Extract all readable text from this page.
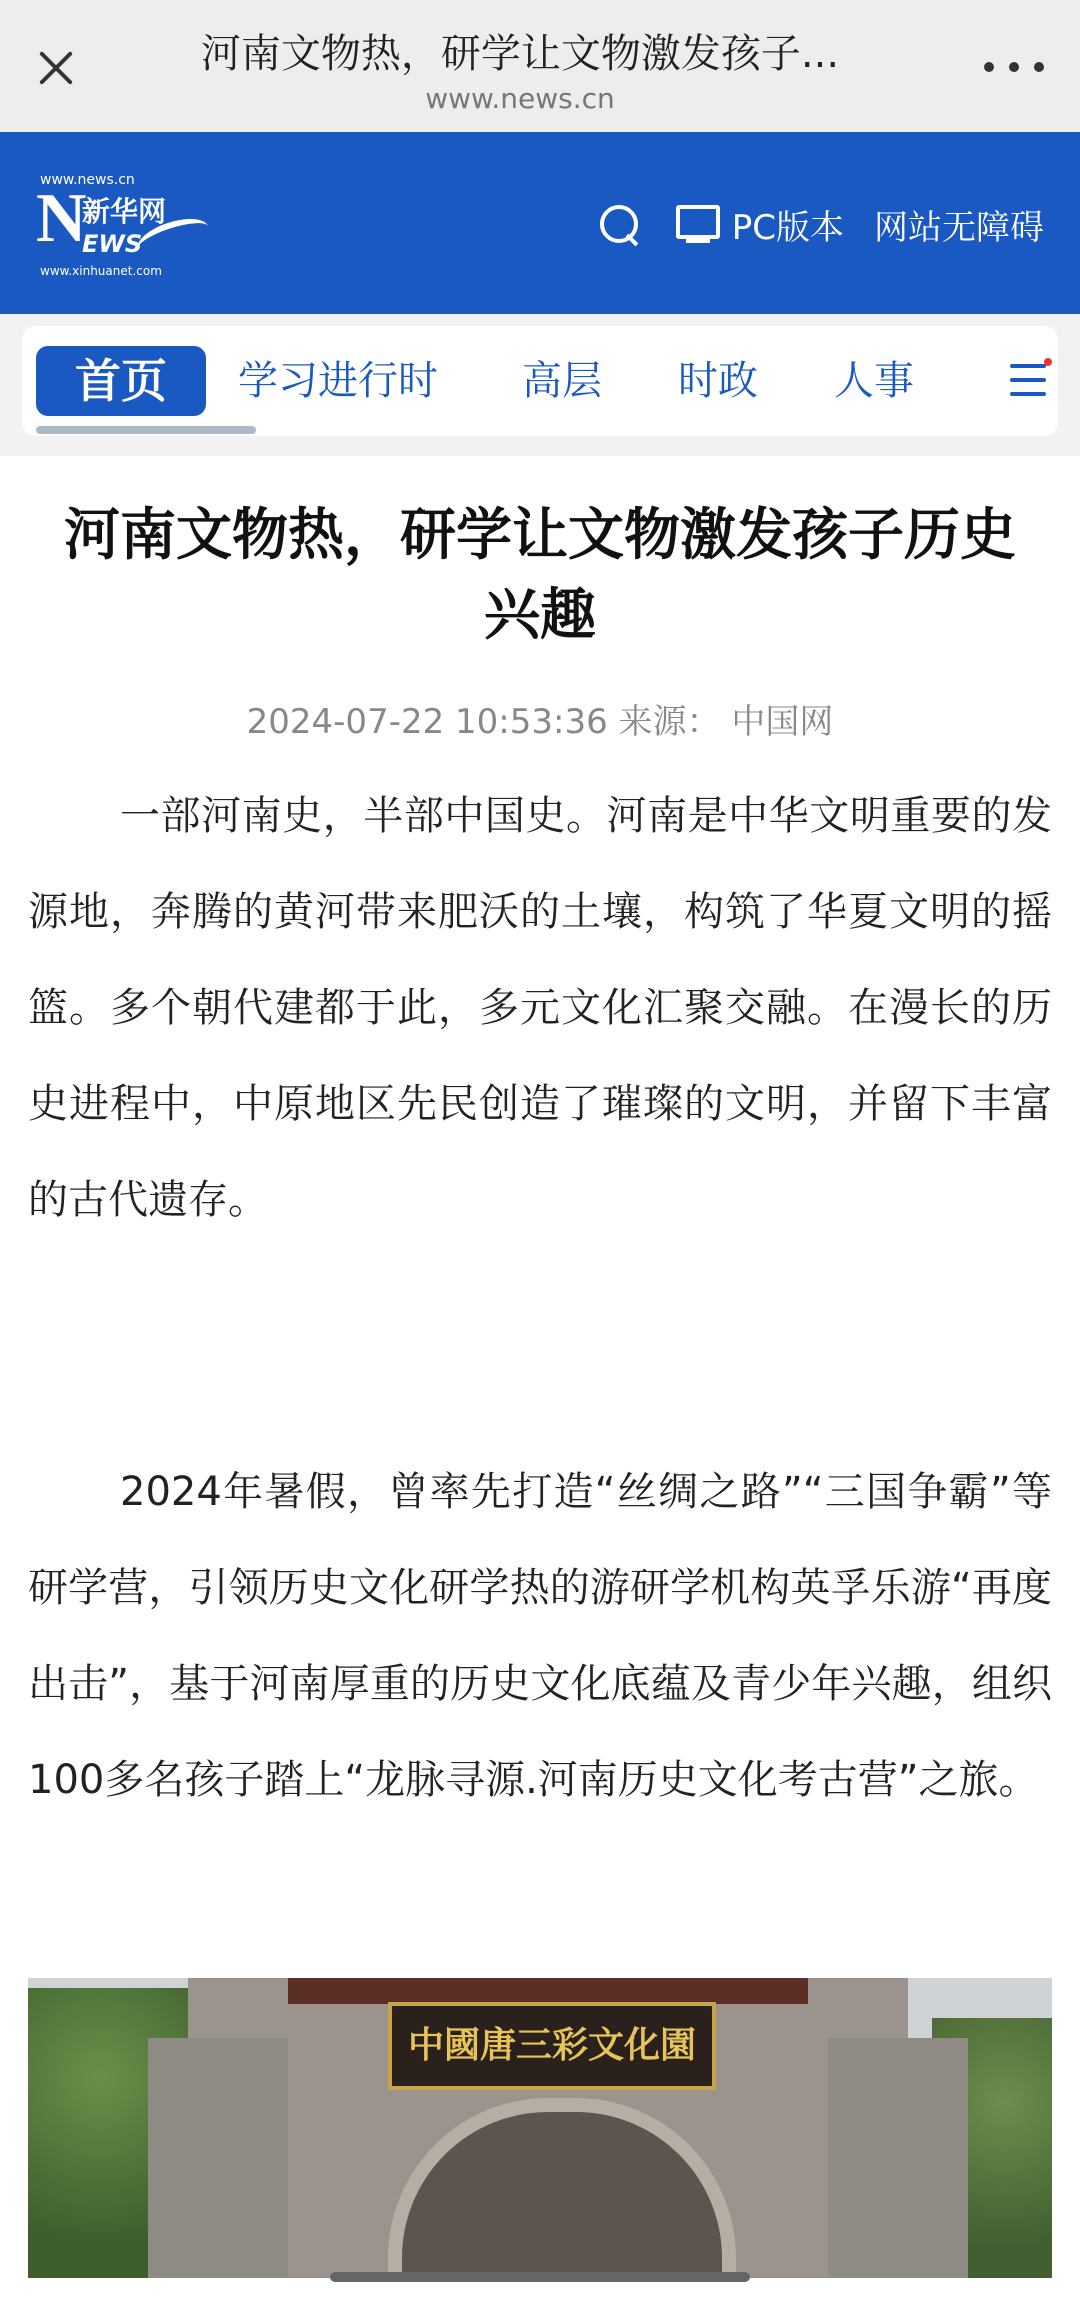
河南文物热，研学让文物激发孩子...
www.news.cn
www.news.cn
N
新华网
EWS
www.xinhuanet.com
PC版本 网站无障碍
首页	学习进行时 高层 时政 人事
河南文物热，研学让文物激发孩子历史兴趣
2024-07-22 10:53:36 来源： 中国网
一部河南史，半部中国史。河南是中华文明重要的发源地，奔腾的黄河带来肥沃的土壤，构筑了华夏文明的摇篮。多个朝代建都于此，多元文化汇聚交融。在漫长的历史进程中，中原地区先民创造了璀璨的文明，并留下丰富的古代遗存。
2024年暑假，曾率先打造“丝绸之路”“三国争霸”等研学营，引领历史文化研学热的游研学机构英孚乐游“再度出击”，基于河南厚重的历史文化底蕴及青少年兴趣，组织100多名孩子踏上“龙脉寻源.河南历史文化考古营”之旅。
中國唐三彩文化園
